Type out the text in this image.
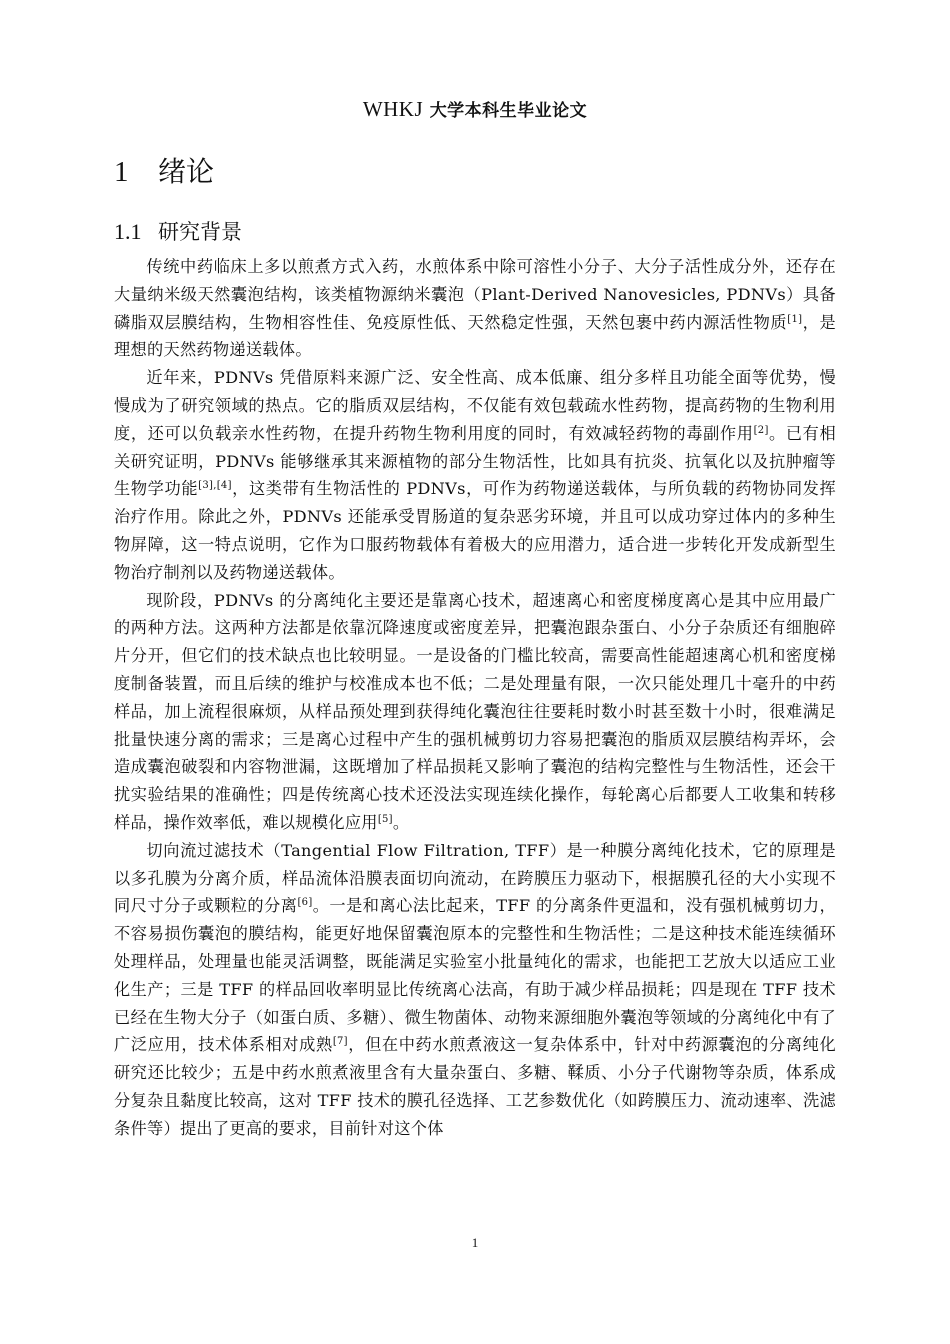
WHKJ 大学本科生毕业论文
1 绪论
1.1 研究背景

传统中药临床上多以煎煮方式入药，水煎体系中除可溶性小分子、大分子活性成分外，还存在大量纳米级天然囊泡结构，该类植物源纳米囊泡（Plant-Derived Nanovesicles, PDNVs）具备磷脂双层膜结构，生物相容性佳、免疫原性低、天然稳定性强，天然包裹中药内源活性物质[1]，是理想的天然药物递送载体。

近年来，PDNVs 凭借原料来源广泛、安全性高、成本低廉、组分多样且功能全面等优势，慢慢成为了研究领域的热点。它的脂质双层结构，不仅能有效包载疏水性药物，提高药物的生物利用度，还可以负载亲水性药物，在提升药物生物利用度的同时，有效减轻药物的毒副作用[2]。已有相关研究证明，PDNVs 能够继承其来源植物的部分生物活性，比如具有抗炎、抗氧化以及抗肿瘤等生物学功能[3],[4]，这类带有生物活性的 PDNVs，可作为药物递送载体，与所负载的药物协同发挥治疗作用。除此之外，PDNVs 还能承受胃肠道的复杂恶劣环境，并且可以成功穿过体内的多种生物屏障，这一特点说明，它作为口服药物载体有着极大的应用潜力，适合进一步转化开发成新型生物治疗制剂以及药物递送载体。

现阶段，PDNVs 的分离纯化主要还是靠离心技术，超速离心和密度梯度离心是其中应用最广的两种方法。这两种方法都是依靠沉降速度或密度差异，把囊泡跟杂蛋白、小分子杂质还有细胞碎片分开，但它们的技术缺点也比较明显。一是设备的门槛比较高，需要高性能超速离心机和密度梯度制备装置，而且后续的维护与校准成本也不低；二是处理量有限，一次只能处理几十毫升的中药样品，加上流程很麻烦，从样品预处理到获得纯化囊泡往往要耗时数小时甚至数十小时，很难满足批量快速分离的需求；三是离心过程中产生的强机械剪切力容易把囊泡的脂质双层膜结构弄坏，会造成囊泡破裂和内容物泄漏，这既增加了样品损耗又影响了囊泡的结构完整性与生物活性，还会干扰实验结果的准确性；四是传统离心技术还没法实现连续化操作，每轮离心后都要人工收集和转移样品，操作效率低，难以规模化应用[5]。

切向流过滤技术（Tangential Flow Filtration, TFF）是一种膜分离纯化技术，它的原理是以多孔膜为分离介质，样品流体沿膜表面切向流动，在跨膜压力驱动下，根据膜孔径的大小实现不同尺寸分子或颗粒的分离[6]。一是和离心法比起来，TFF 的分离条件更温和，没有强机械剪切力，不容易损伤囊泡的膜结构，能更好地保留囊泡原本的完整性和生物活性；二是这种技术能连续循环处理样品，处理量也能灵活调整，既能满足实验室小批量纯化的需求，也能把工艺放大以适应工业化生产；三是 TFF 的样品回收率明显比传统离心法高，有助于减少样品损耗；四是现在 TFF 技术已经在生物大分子（如蛋白质、多糖）、微生物菌体、动物来源细胞外囊泡等领域的分离纯化中有了广泛应用，技术体系相对成熟[7]，但在中药水煎煮液这一复杂体系中，针对中药源囊泡的分离纯化研究还比较少；五是中药水煎煮液里含有大量杂蛋白、多糖、鞣质、小分子代谢物等杂质，体系成分复杂且黏度比较高，这对 TFF 技术的膜孔径选择、工艺参数优化（如跨膜压力、流动速率、洗滤条件等）提出了更高的要求，目前针对这个体

1
